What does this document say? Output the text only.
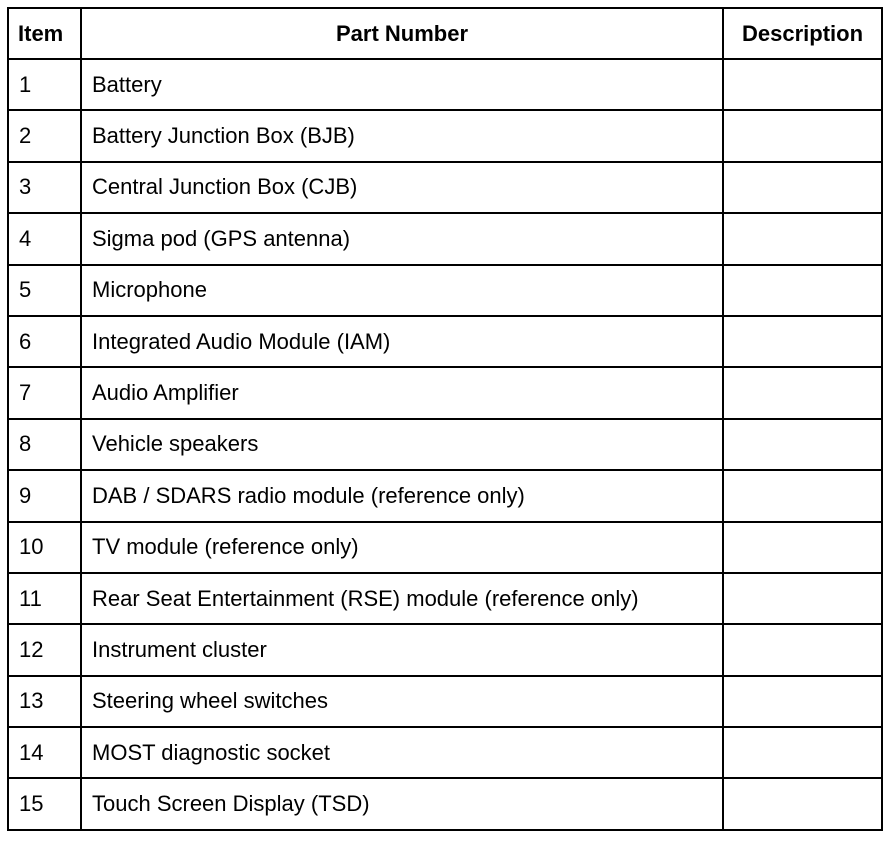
Item	Part Number	Description
1	Battery	
2	Battery Junction Box (BJB)	
3	Central Junction Box (CJB)	
4	Sigma pod (GPS antenna)	
5	Microphone	
6	Integrated Audio Module (IAM)	
7	Audio Amplifier	
8	Vehicle speakers	
9	DAB / SDARS radio module (reference only)	
10	TV module (reference only)	
11	Rear Seat Entertainment (RSE) module (reference only)	
12	Instrument cluster	
13	Steering wheel switches	
14	MOST diagnostic socket	
15	Touch Screen Display (TSD)	
